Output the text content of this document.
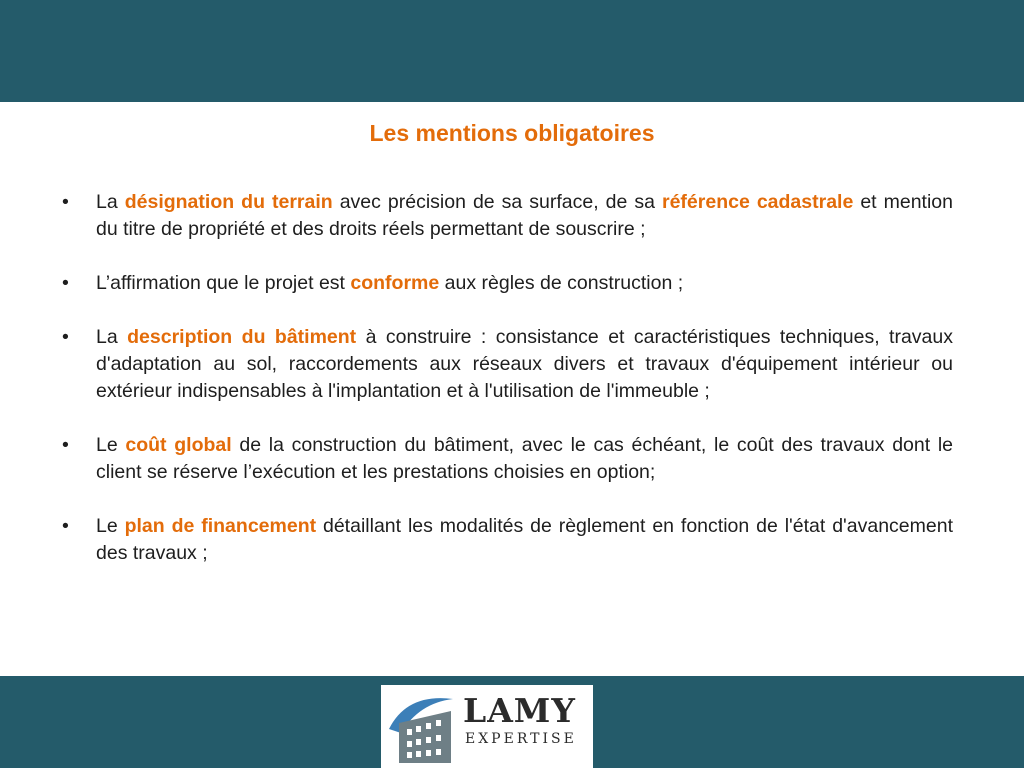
Les mentions obligatoires
•	La désignation du terrain avec précision de sa surface, de sa référence cadastrale et mention du titre de propriété et des droits réels permettant de souscrire ;
•	L’affirmation que le projet est conforme aux règles de construction ;
•	La description du bâtiment à construire : consistance et caractéristiques techniques, travaux d'adaptation au sol, raccordements aux réseaux divers et travaux d'équipement intérieur ou extérieur indispensables à l'implantation et à l'utilisation de l'immeuble ;
•	Le coût global de la construction du bâtiment, avec le cas échéant, le coût des travaux dont le client se réserve l’exécution et les prestations choisies en option;
•	Le plan de financement détaillant les modalités de règlement en fonction de l'état d'avancement des travaux ;
LAMY
EXPERTISE
